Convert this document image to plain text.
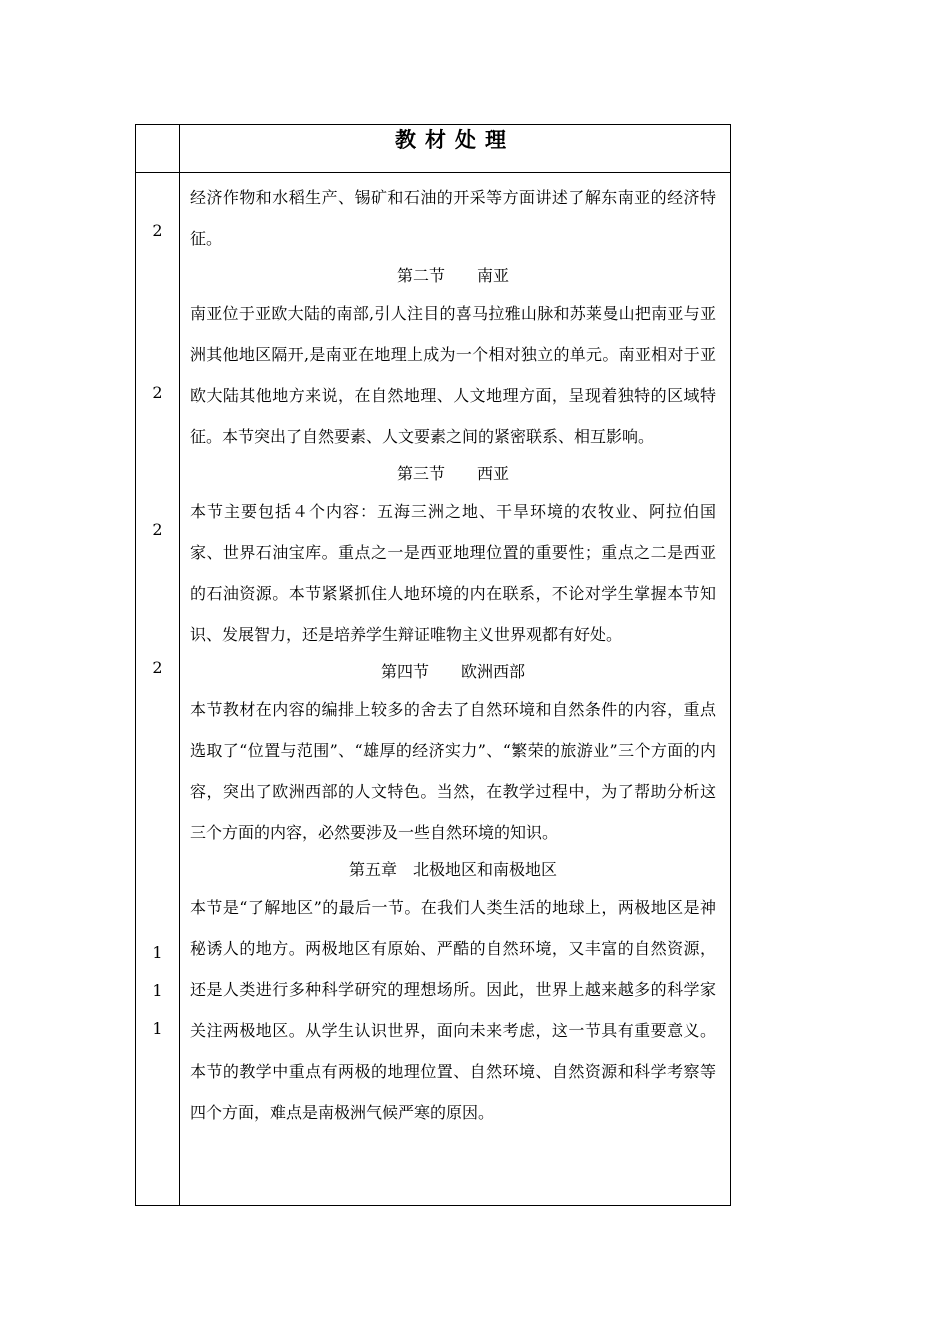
教材处理
2
2
2
2
1
1
1

经济作物和水稻生产、锡矿和石油的开采等方面讲述了解东南亚的经济特征。

第二节　　南亚

南亚位于亚欧大陆的南部,引人注目的喜马拉雅山脉和苏莱曼山把南亚与亚洲其他地区隔开,是南亚在地理上成为一个相对独立的单元。南亚相对于亚欧大陆其他地方来说，在自然地理、人文地理方面，呈现着独特的区域特征。本节突出了自然要素、人文要素之间的紧密联系、相互影响。

第三节　　西亚

本节主要包括４个内容：五海三洲之地、干旱环境的农牧业、阿拉伯国家、世界石油宝库。重点之一是西亚地理位置的重要性；重点之二是西亚的石油资源。本节紧紧抓住人地环境的内在联系，不论对学生掌握本节知识、发展智力，还是培养学生辩证唯物主义世界观都有好处。

第四节　　欧洲西部

本节教材在内容的编排上较多的舍去了自然环境和自然条件的内容，重点选取了“位置与范围”、“雄厚的经济实力”、“繁荣的旅游业”三个方面的内容，突出了欧洲西部的人文特色。当然，在教学过程中，为了帮助分析这三个方面的内容，必然要涉及一些自然环境的知识。

第五章　北极地区和南极地区

本节是“了解地区”的最后一节。在我们人类生活的地球上，两极地区是神秘诱人的地方。两极地区有原始、严酷的自然环境，又丰富的自然资源，还是人类进行多种科学研究的理想场所。因此，世界上越来越多的科学家关注两极地区。从学生认识世界，面向未来考虑，这一节具有重要意义。本节的教学中重点有两极的地理位置、自然环境、自然资源和科学考察等四个方面，难点是南极洲气候严寒的原因。
